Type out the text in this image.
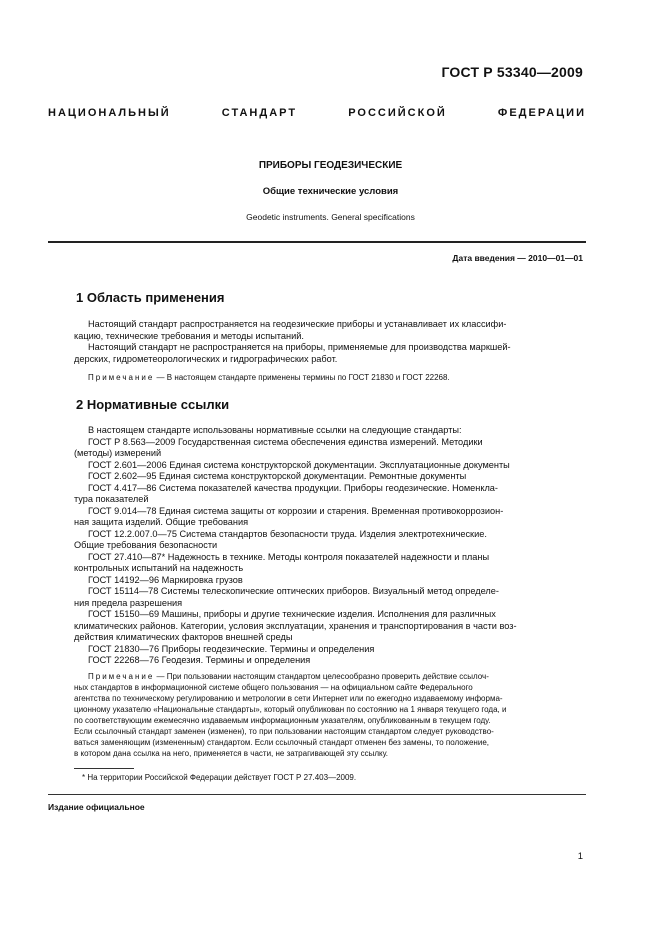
ГОСТ Р 53340—2009
НАЦИОНАЛЬНЫЙ СТАНДАРТ РОССИЙСКОЙ ФЕДЕРАЦИИ
ПРИБОРЫ ГЕОДЕЗИЧЕСКИЕ
Общие технические условия
Geodetic instruments. General specifications
Дата введения — 2010—01—01
1 Область применения
Настоящий стандарт распространяется на геодезические приборы и устанавливает их классифи-
кацию, технические требования и методы испытаний.
Настоящий стандарт не распространяется на приборы, применяемые для производства маркшей-
дерских, гидрометеорологических и гидрографических работ.
Примечание — В настоящем стандарте применены термины по ГОСТ 21830 и ГОСТ 22268.
2 Нормативные ссылки
В настоящем стандарте использованы нормативные ссылки на следующие стандарты:
ГОСТ Р 8.563—2009 Государственная система обеспечения единства измерений. Методики
(методы) измерений
ГОСТ 2.601—2006 Единая система конструкторской документации. Эксплуатационные документы
ГОСТ 2.602—95 Единая система конструкторской документации. Ремонтные документы
ГОСТ 4.417—86 Система показателей качества продукции. Приборы геодезические. Номенкла-
тура показателей
ГОСТ 9.014—78 Единая система защиты от коррозии и старения. Временная противокоррозион-
ная защита изделий. Общие требования
ГОСТ 12.2.007.0—75 Система стандартов безопасности труда. Изделия электротехнические.
Общие требования безопасности
ГОСТ 27.410—87* Надежность в технике. Методы контроля показателей надежности и планы
контрольных испытаний на надежность
ГОСТ 14192—96 Маркировка грузов
ГОСТ 15114—78 Системы телескопические оптических приборов. Визуальный метод определе-
ния предела разрешения
ГОСТ 15150—69 Машины, приборы и другие технические изделия. Исполнения для различных
климатических районов. Категории, условия эксплуатации, хранения и транспортирования в части воз-
действия климатических факторов внешней среды
ГОСТ 21830—76 Приборы геодезические. Термины и определения
ГОСТ 22268—76 Геодезия. Термины и определения
Примечание — При пользовании настоящим стандартом целесообразно проверить действие ссылоч-
ных стандартов в информационной системе общего пользования — на официальном сайте Федерального
агентства по техническому регулированию и метрологии в сети Интернет или по ежегодно издаваемому информа-
ционному указателю «Национальные стандарты», который опубликован по состоянию на 1 января текущего года, и
по соответствующим ежемесячно издаваемым информационным указателям, опубликованным в текущем году.
Если ссылочный стандарт заменен (изменен), то при пользовании настоящим стандартом следует руководство-
ваться заменяющим (измененным) стандартом. Если ссылочный стандарт отменен без замены, то положение,
в котором дана ссылка на него, применяется в части, не затрагивающей эту ссылку.
* На территории Российской Федерации действует ГОСТ Р 27.403—2009.
Издание официальное
1
